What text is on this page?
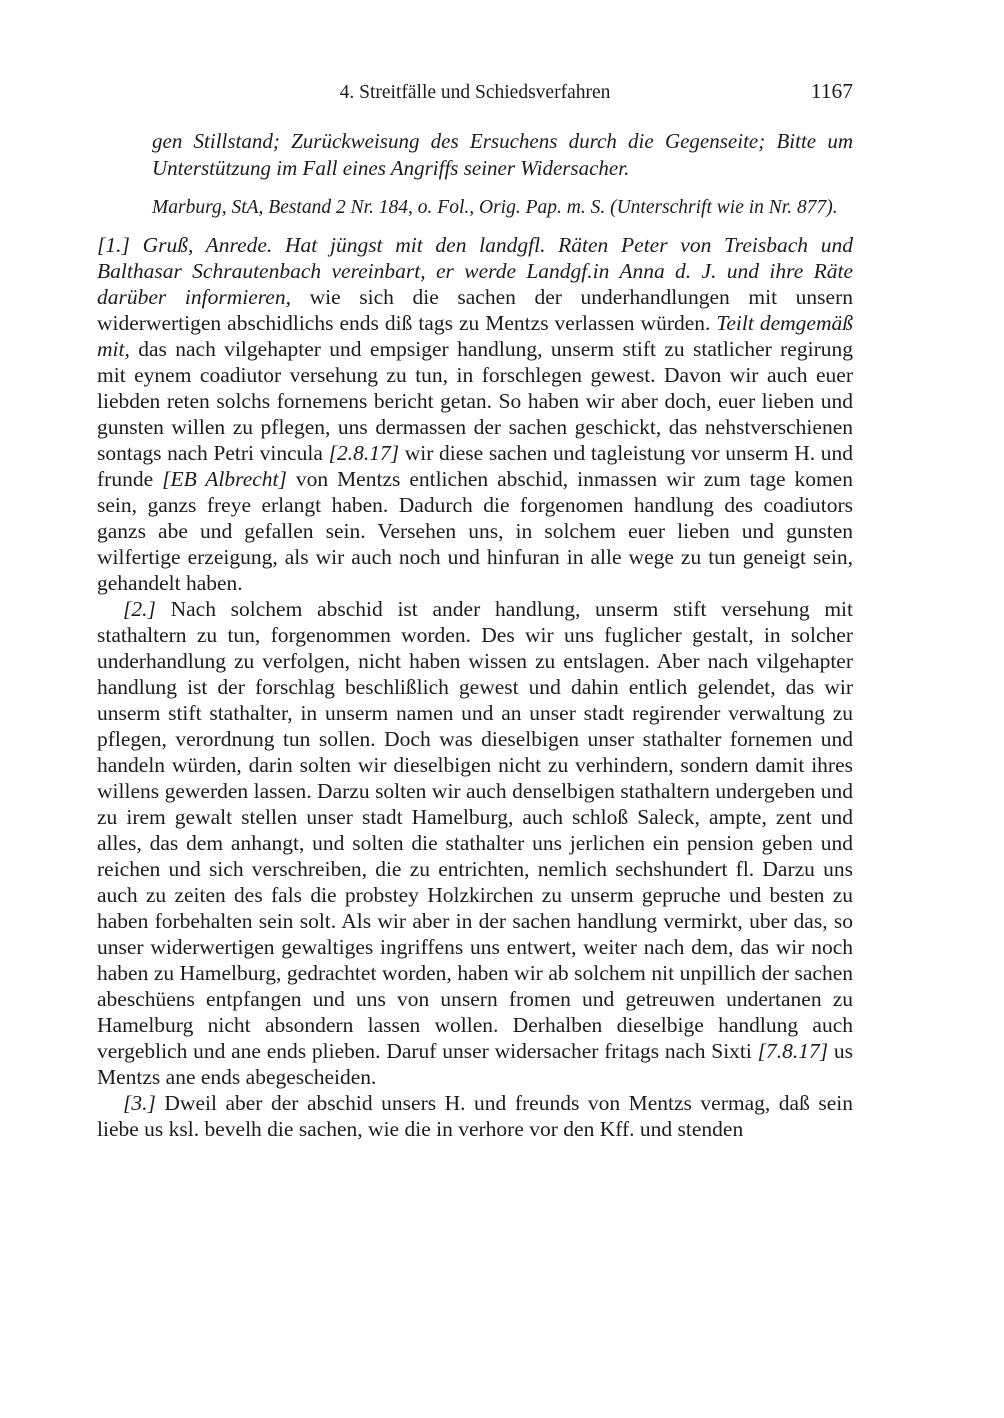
4. Streitfälle und Schiedsverfahren	1167
gen Stillstand; Zurückweisung des Ersuchens durch die Gegenseite; Bitte um Unterstützung im Fall eines Angriffs seiner Widersacher.
Marburg, StA, Bestand 2 Nr. 184, o. Fol., Orig. Pap. m. S. (Unterschrift wie in Nr. 877).

[1.] Gruß, Anrede. Hat jüngst mit den landgfl. Räten Peter von Treisbach und Balthasar Schrautenbach vereinbart, er werde Landgf.in Anna d. J. und ihre Räte darüber informieren, wie sich die sachen der underhandlungen mit unsern widerwertigen abschidlichs ends diß tags zu Mentzs verlassen würden. Teilt demgemäß mit, das nach vilgehapter und empsiger handlung, unserm stift zu statlicher regirung mit eynem coadiutor versehung zu tun, in forschlegen gewest. Davon wir auch euer liebden reten solchs fornemens bericht getan. So haben wir aber doch, euer lieben und gunsten willen zu pflegen, uns dermassen der sachen geschickt, das nehstverschienen sontags nach Petri vincula [2.8.17] wir diese sachen und tagleistung vor unserm H. und frunde [EB Albrecht] von Mentzs entlichen abschid, inmassen wir zum tage komen sein, ganzs freye erlangt haben. Dadurch die forgenomen handlung des coadiutors ganzs abe und gefallen sein. Versehen uns, in solchem euer lieben und gunsten wilfertige erzeigung, als wir auch noch und hinfuran in alle wege zu tun geneigt sein, gehandelt haben.

[2.] Nach solchem abschid ist ander handlung, unserm stift versehung mit stathaltern zu tun, forgenommen worden. Des wir uns fuglicher gestalt, in solcher underhandlung zu verfolgen, nicht haben wissen zu entslagen. Aber nach vilgehapter handlung ist der forschlag beschlißlich gewest und dahin entlich gelendet, das wir unserm stift stathalter, in unserm namen und an unser stadt regirender verwaltung zu pflegen, verordnung tun sollen. Doch was dieselbigen unser stathalter fornemen und handeln würden, darin solten wir dieselbigen nicht zu verhindern, sondern damit ihres willens gewerden lassen. Darzu solten wir auch denselbigen stathaltern undergeben und zu irem gewalt stellen unser stadt Hamelburg, auch schloß Saleck, ampte, zent und alles, das dem anhangt, und solten die stathalter uns jerlichen ein pension geben und reichen und sich verschreiben, die zu entrichten, nemlich sechshundert fl. Darzu uns auch zu zeiten des fals die probstey Holzkirchen zu unserm gepruche und besten zu haben forbehalten sein solt. Als wir aber in der sachen handlung vermirkt, uber das, so unser widerwertigen gewaltiges ingriffens uns entwert, weiter nach dem, das wir noch haben zu Hamelburg, gedrachtet worden, haben wir ab solchem nit unpillich der sachen abeschüens entpfangen und uns von unsern fromen und getreuwen undertanen zu Hamelburg nicht absondern lassen wollen. Derhalben dieselbige handlung auch vergeblich und ane ends plieben. Daruf unser widersacher fritags nach Sixti [7.8.17] us Mentzs ane ends abegescheiden.

[3.] Dweil aber der abschid unsers H. und freunds von Mentzs vermag, daß sein liebe us ksl. bevelh die sachen, wie die in verhore vor den Kff. und stenden
